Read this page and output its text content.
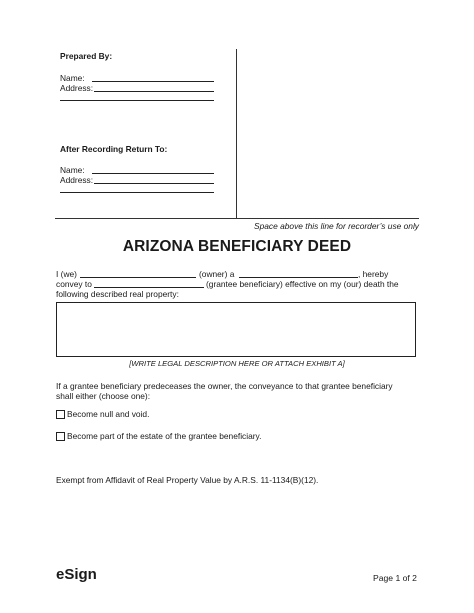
Prepared By:
Name:
Address:
After Recording Return To:
Name:
Address:
Space above this line for recorder’s use only
ARIZONA BENEFICIARY DEED
I (we)	(owner) a	, hereby
convey to	(grantee beneficiary) effective on my (our) death the
following described real property:
[WRITE LEGAL DESCRIPTION HERE OR ATTACH EXHIBIT A]
If a grantee beneficiary predeceases the owner, the conveyance to that grantee beneficiary
shall either (choose one):
Become null and void.
Become part of the estate of the grantee beneficiary.
Exempt from Affidavit of Real Property Value by A.R.S. 11-1134(B)(12).
eSign	Page 1 of 2
